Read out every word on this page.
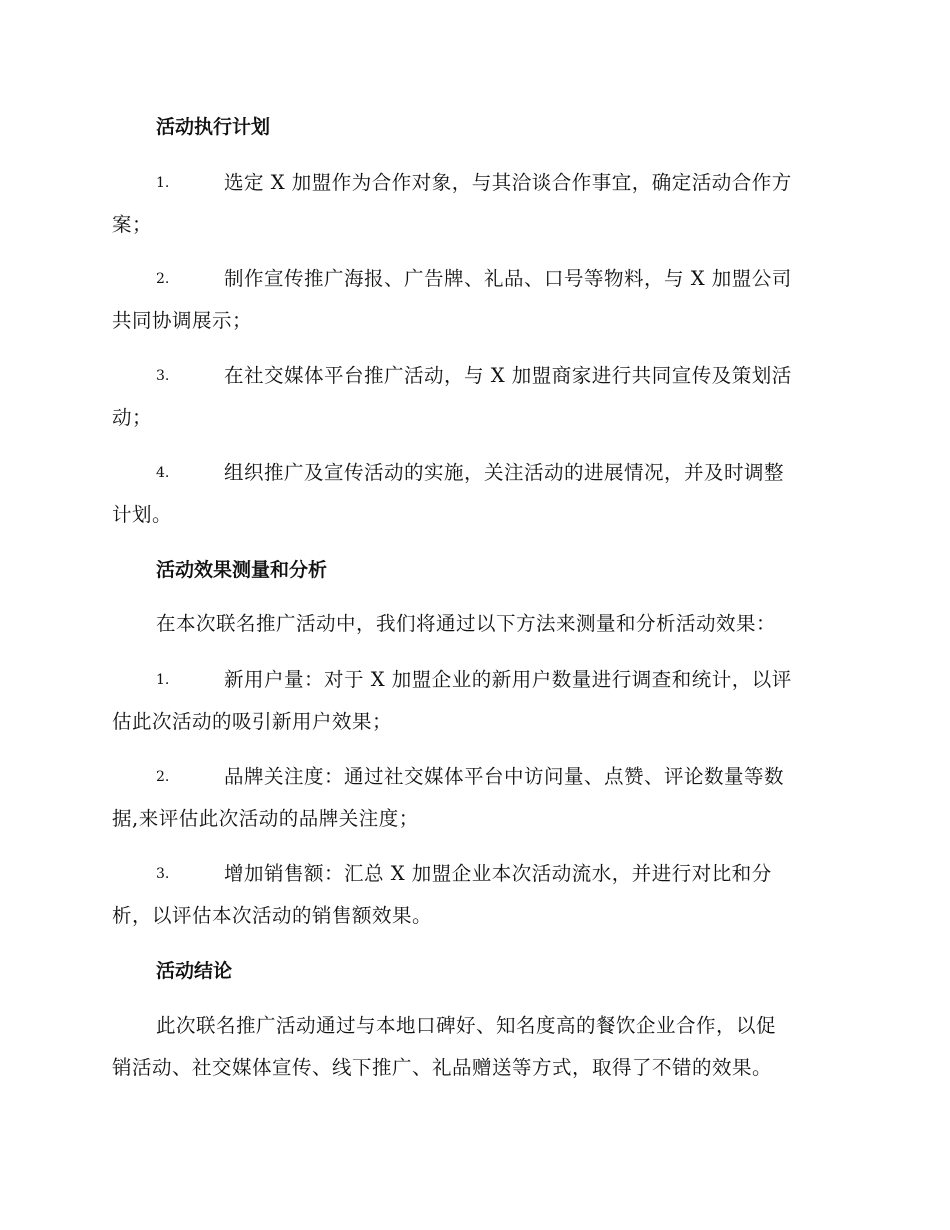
活动执行计划

1.	选定 X 加盟作为合作对象，与其洽谈合作事宜，确定活动合作方
案；

2.	制作宣传推广海报、广告牌、礼品、口号等物料，与 X 加盟公司
共同协调展示；

3.	在社交媒体平台推广活动，与 X 加盟商家进行共同宣传及策划活
动；

4.	组织推广及宣传活动的实施，关注活动的进展情况，并及时调整
计划。

活动效果测量和分析

在本次联名推广活动中，我们将通过以下方法来测量和分析活动效果：

1.	新用户量：对于 X 加盟企业的新用户数量进行调查和统计，以评
估此次活动的吸引新用户效果；

2.	品牌关注度：通过社交媒体平台中访问量、点赞、评论数量等数
据,来评估此次活动的品牌关注度；

3.	增加销售额：汇总 X 加盟企业本次活动流水，并进行对比和分
析，以评估本次活动的销售额效果。

活动结论

此次联名推广活动通过与本地口碑好、知名度高的餐饮企业合作，以促
销活动、社交媒体宣传、线下推广、礼品赠送等方式，取得了不错的效果。
